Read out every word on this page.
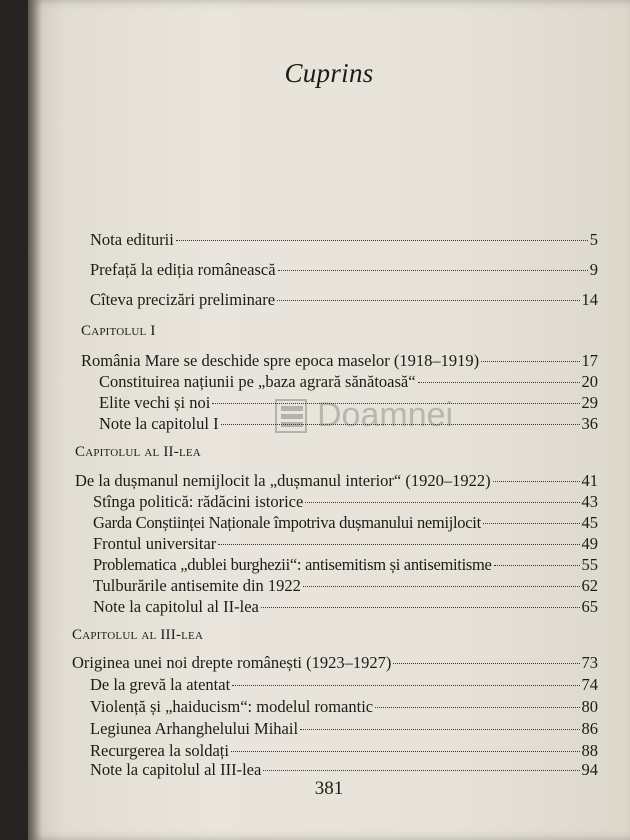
Cuprins
Nota editurii	5
Prefață la ediția românească	9
Cîteva precizări preliminare	14
Capitolul I
România Mare se deschide spre epoca maselor (1918–1919)	17
Constituirea națiunii pe „baza agrară sănătoasă“	20
Elite vechi și noi	29
Note la capitolul I	36
Capitolul al II-lea
De la dușmanul nemijlocit la „dușmanul interior“ (1920–1922)	41
Stînga politică: rădăcini istorice	43
Garda Conștiinței Naționale împotriva dușmanului nemijlocit	45
Frontul universitar	49
Problematica „dublei burghezii“: antisemitism și antisemitisme	55
Tulburările antisemite din 1922	62
Note la capitolul al II-lea	65
Capitolul al III-lea
Originea unei noi drepte românești (1923–1927)	73
De la grevă la atentat	74
Violență și „haiducism“: modelul romantic	80
Legiunea Arhanghelului Mihail	86
Recurgerea la soldați	88
Note la capitolul al III-lea	94
381
Doamnei
